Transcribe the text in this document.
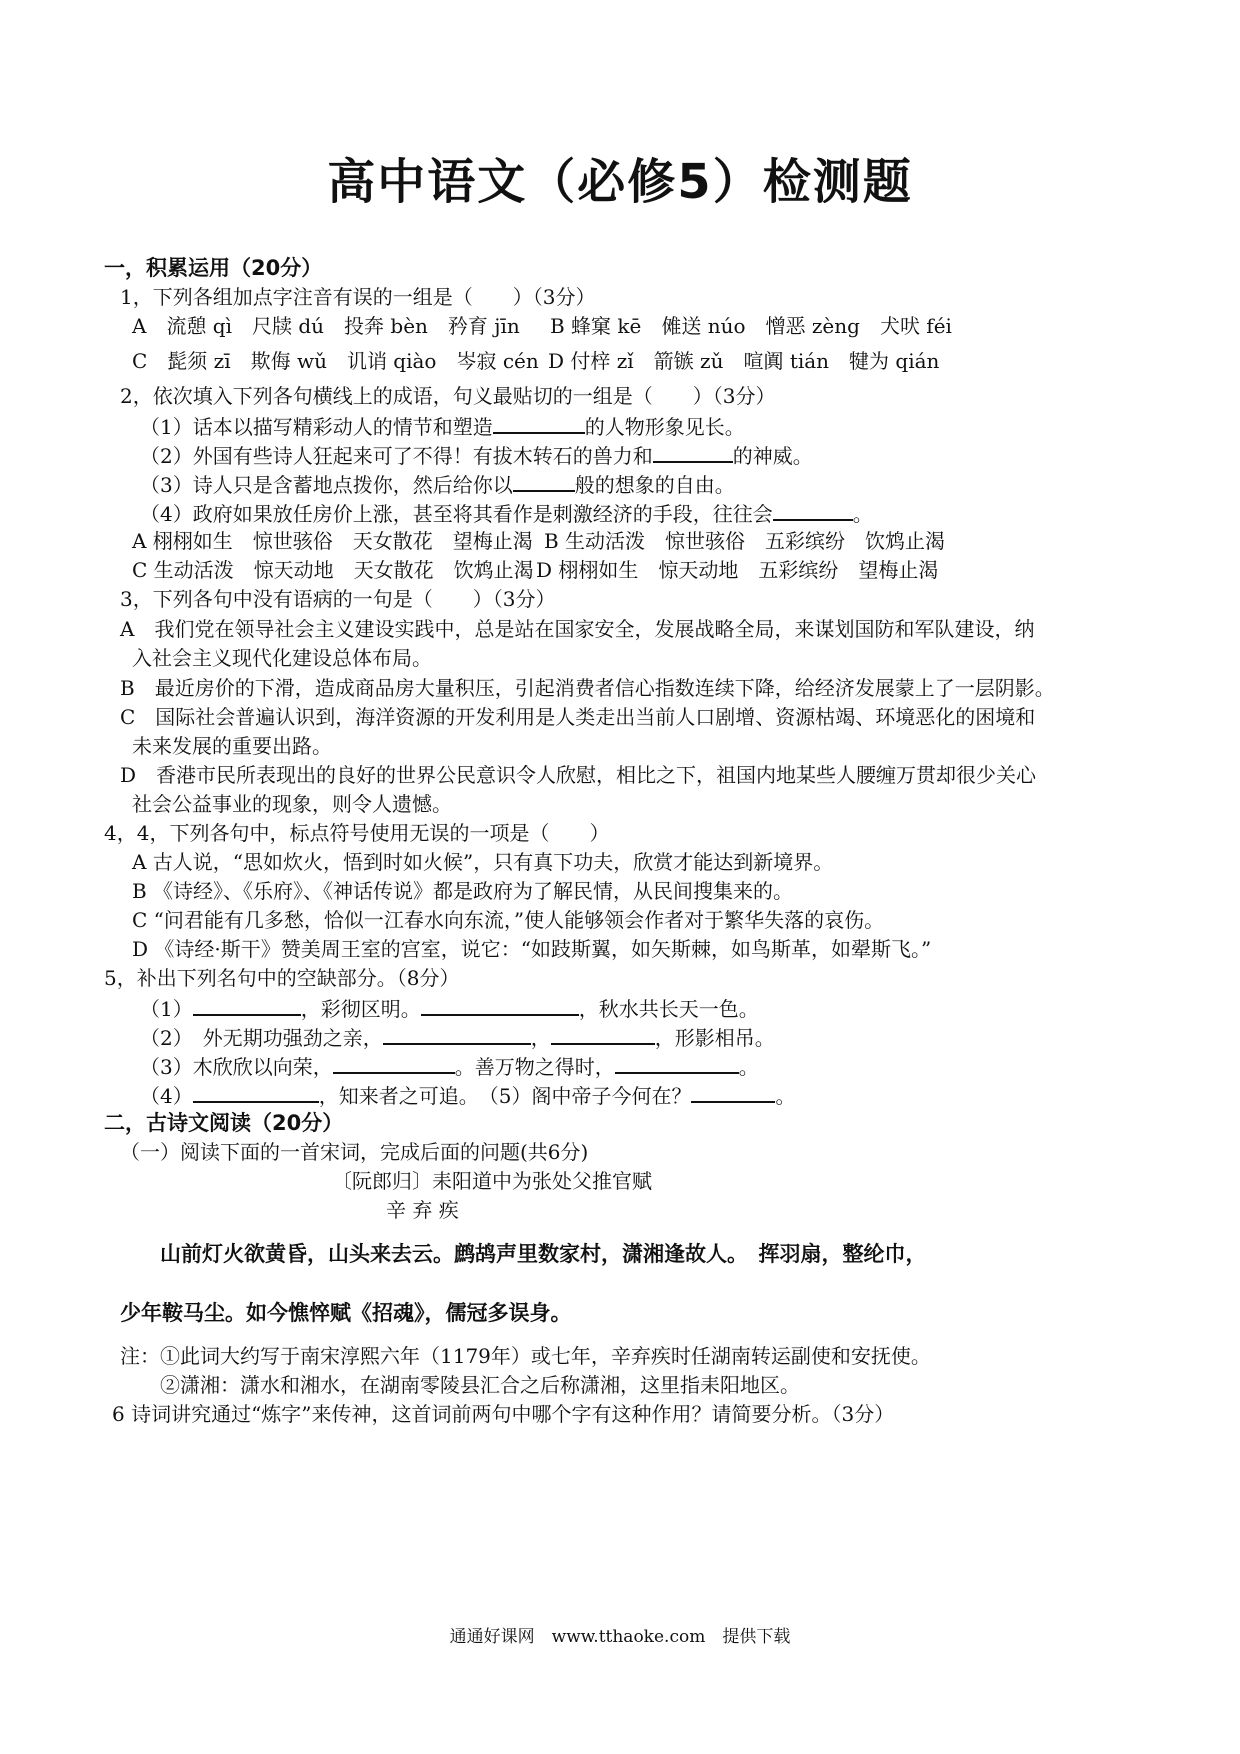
高中语文（必修5）检测题
一，积累运用（20分）
1，下列各组加点字注音有误的一组是（　　）（3分）
A　流憩 qì　尺牍 dú　投奔 bèn　矜育 jīn B 蜂窠 kē　傩送 núo　憎恶 zèng　犬吠 féi
C　髭须 zī　欺侮 wǔ　讥诮 qiào　岑寂 cén D 付梓 zǐ　箭镞 zǔ　喧阗 tián　犍为 qián
2，依次填入下列各句横线上的成语，句义最贴切的一组是（　　）（3分）
（1）话本以描写精彩动人的情节和塑造	的人物形象见长。
（2）外国有些诗人狂起来可了不得！有拔木转石的兽力和	的神威。
（3）诗人只是含蓄地点拨你，然后给你以	般的想象的自由。
（4）政府如果放任房价上涨，甚至将其看作是刺激经济的手段，往往会	。
A 栩栩如生　惊世骇俗　天女散花　望梅止渴 B 生动活泼　惊世骇俗　五彩缤纷　饮鸩止渴
C 生动活泼　惊天动地　天女散花　饮鸩止渴 D 栩栩如生　惊天动地　五彩缤纷　望梅止渴
3，下列各句中没有语病的一句是（　　）（3分）
A　我们党在领导社会主义建设实践中，总是站在国家安全，发展战略全局，来谋划国防和军队建设，纳
入社会主义现代化建设总体布局。
B　最近房价的下滑，造成商品房大量积压，引起消费者信心指数连续下降，给经济发展蒙上了一层阴影。
C　国际社会普遍认识到，海洋资源的开发利用是人类走出当前人口剧增、资源枯竭、环境恶化的困境和
未来发展的重要出路。
D　香港市民所表现出的良好的世界公民意识令人欣慰，相比之下，祖国内地某些人腰缠万贯却很少关心
社会公益事业的现象，则令人遗憾。
4，4，下列各句中，标点符号使用无误的一项是（　　）
A 古人说，“思如炊火，悟到时如火候”，只有真下功夫，欣赏才能达到新境界。
B 《诗经》、《乐府》、《神话传说》都是政府为了解民情，从民间搜集来的。
C “问君能有几多愁，恰似一江春水向东流，”使人能够领会作者对于繁华失落的哀伤。
D 《诗经·斯干》赞美周王室的宫室，说它：“如跂斯翼，如矢斯棘，如鸟斯革，如翚斯飞。”
5，补出下列名句中的空缺部分。（8分）
（1）	，彩彻区明。	，秋水共长天一色。
（2）　外无期功强劲之亲，	，	，形影相吊。
（3）木欣欣以向荣，	。善万物之得时，	。
（4）	，知来者之可追。　（5）阁中帝子今何在？	。
二，古诗文阅读（20分）
（一）阅读下面的一首宋词，完成后面的问题(共6分)
〔阮郎归〕耒阳道中为张处父推官赋
辛 弃 疾
山前灯火欲黄昏，山头来去云。鹧鸪声里数家村，潇湘逢故人。　挥羽扇，整纶巾，
少年鞍马尘。如今憔悴赋《招魂》，儒冠多误身。
注：①此词大约写于南宋淳熙六年（1179年）或七年，辛弃疾时任湖南转运副使和安抚使。
②潇湘：潇水和湘水，在湖南零陵县汇合之后称潇湘，这里指耒阳地区。
6 诗词讲究通过“炼字”来传神，这首词前两句中哪个字有这种作用？请简要分析。（3分）
通通好课网　www.tthaoke.com　提供下载
